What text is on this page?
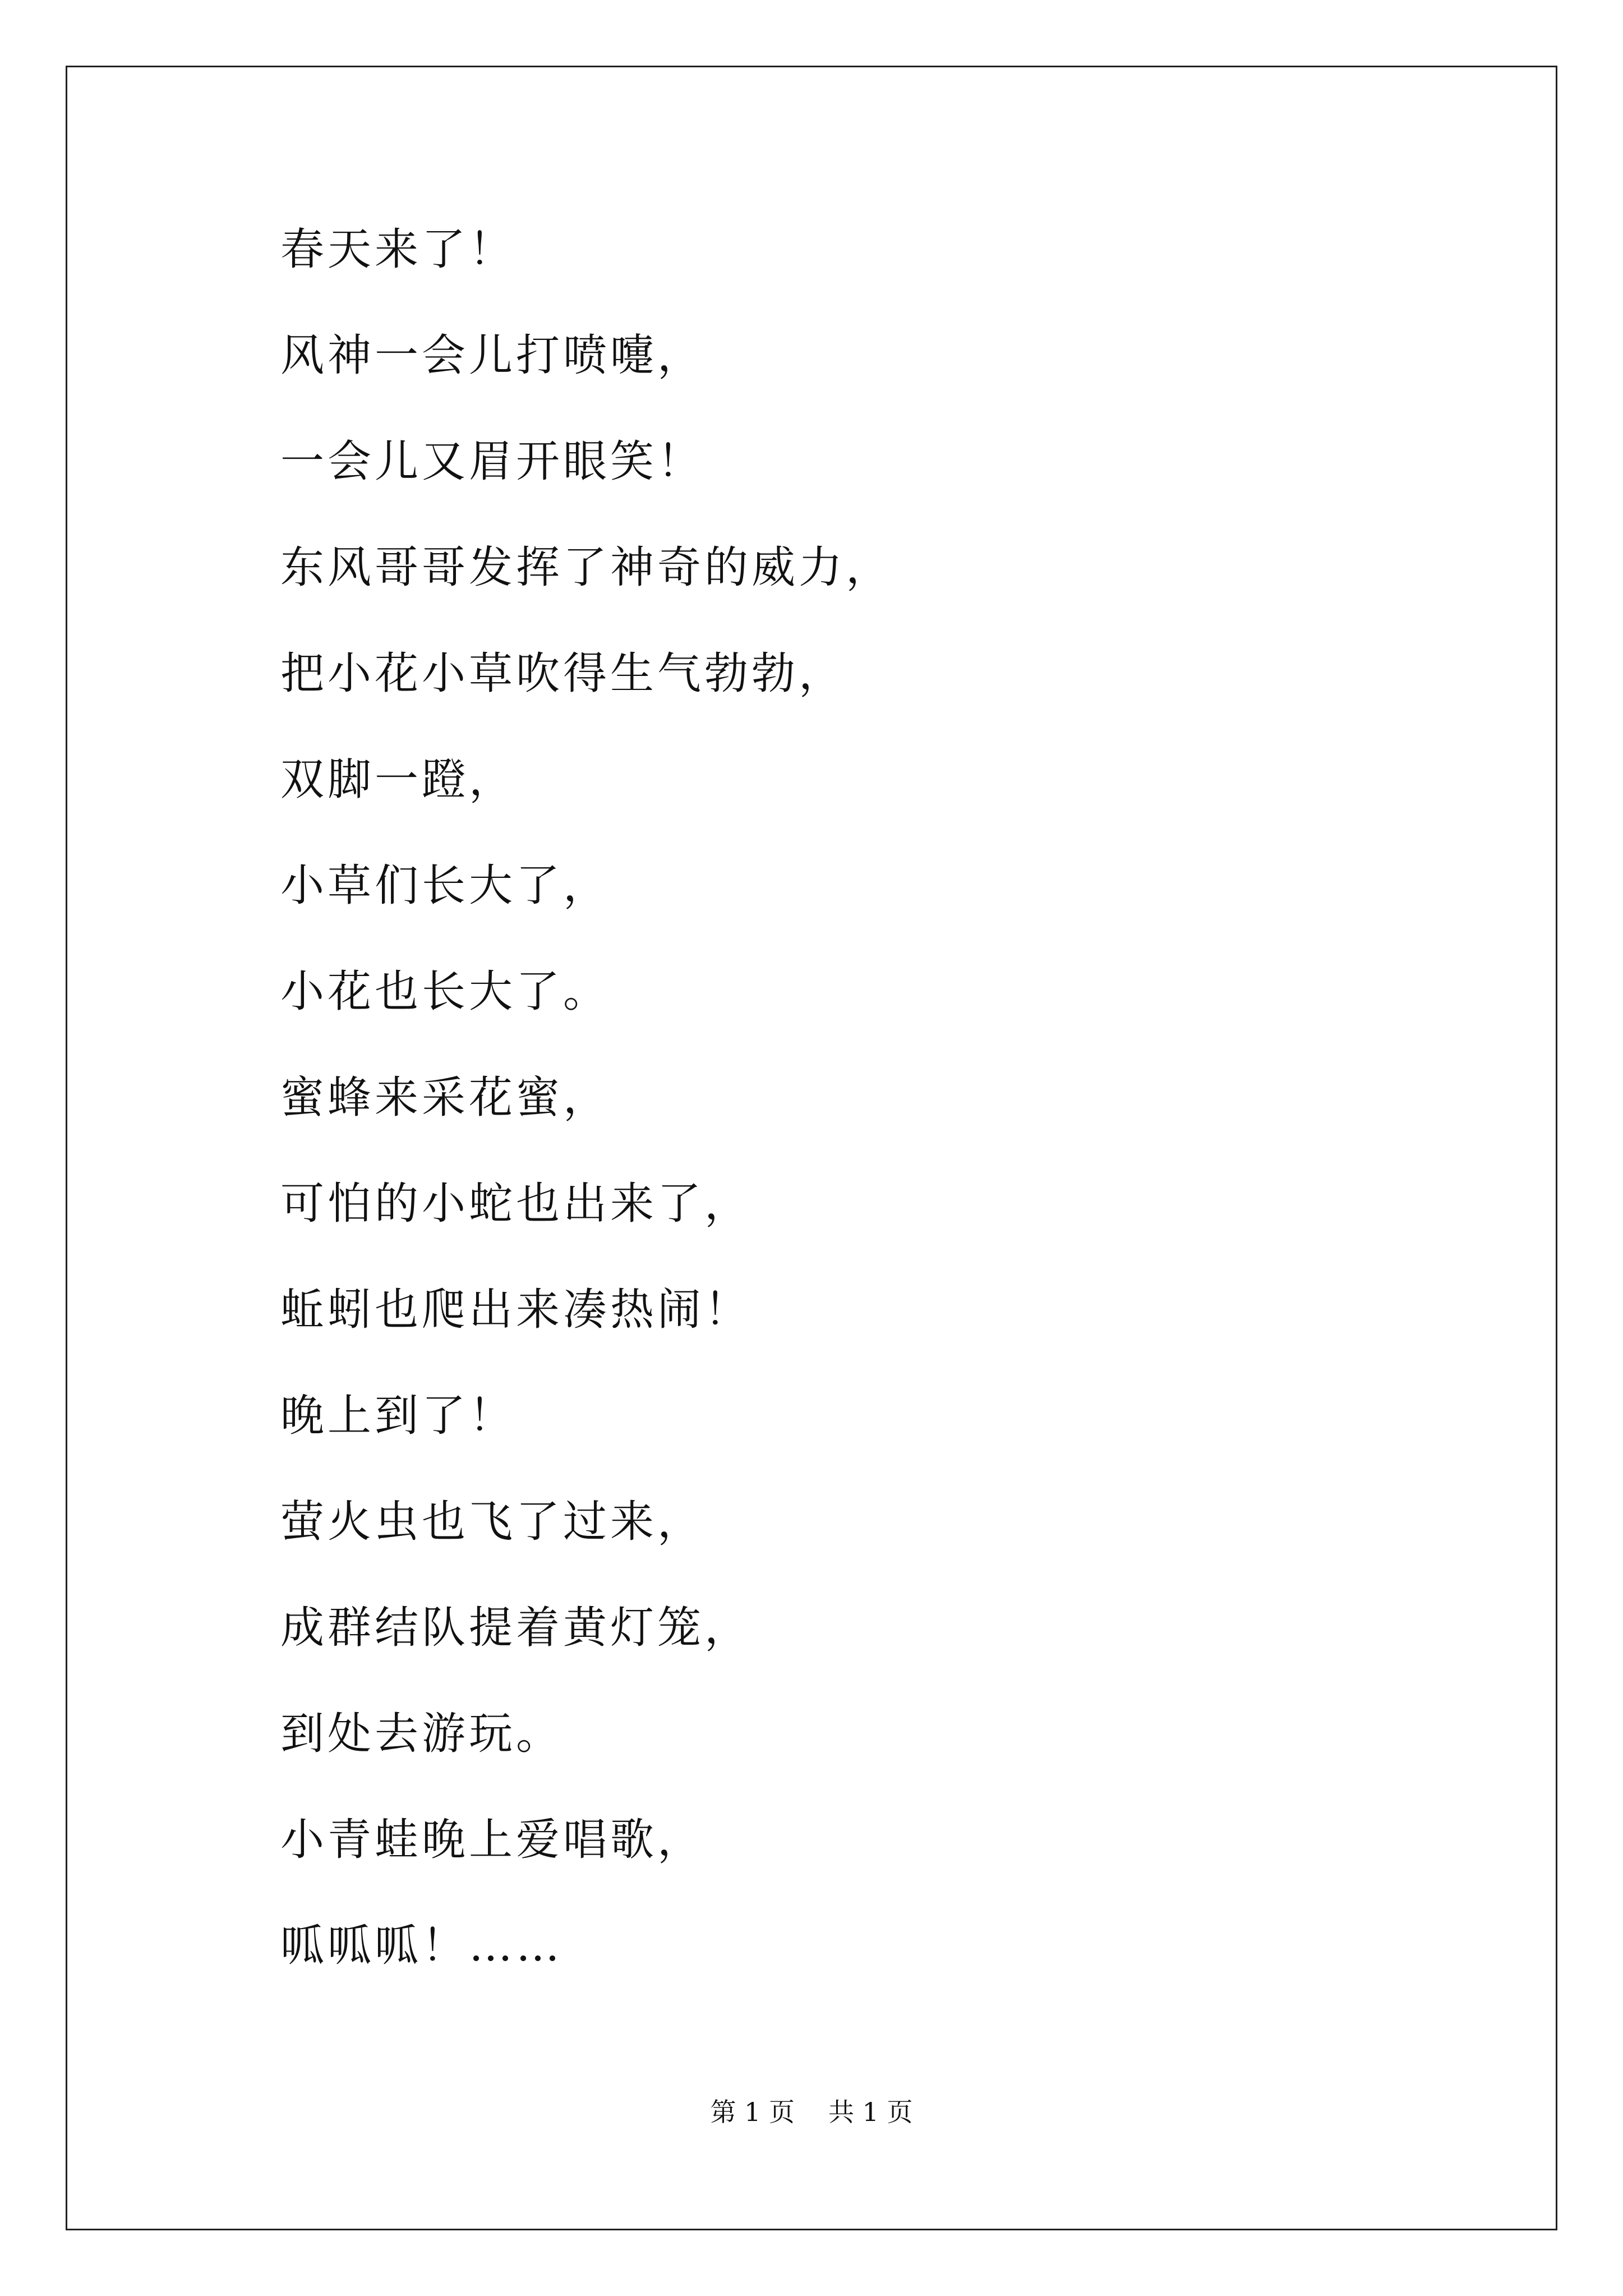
春天来了！
风神一会儿打喷嚏，
一会儿又眉开眼笑！
东风哥哥发挥了神奇的威力，
把小花小草吹得生气勃勃，
双脚一蹬，
小草们长大了，
小花也长大了。
蜜蜂来采花蜜，
可怕的小蛇也出来了，
蚯蚓也爬出来凑热闹！
晚上到了！
萤火虫也飞了过来，
成群结队提着黄灯笼，
到处去游玩。
小青蛙晚上爱唱歌，
呱呱呱！……
第 1 页 共 1 页
